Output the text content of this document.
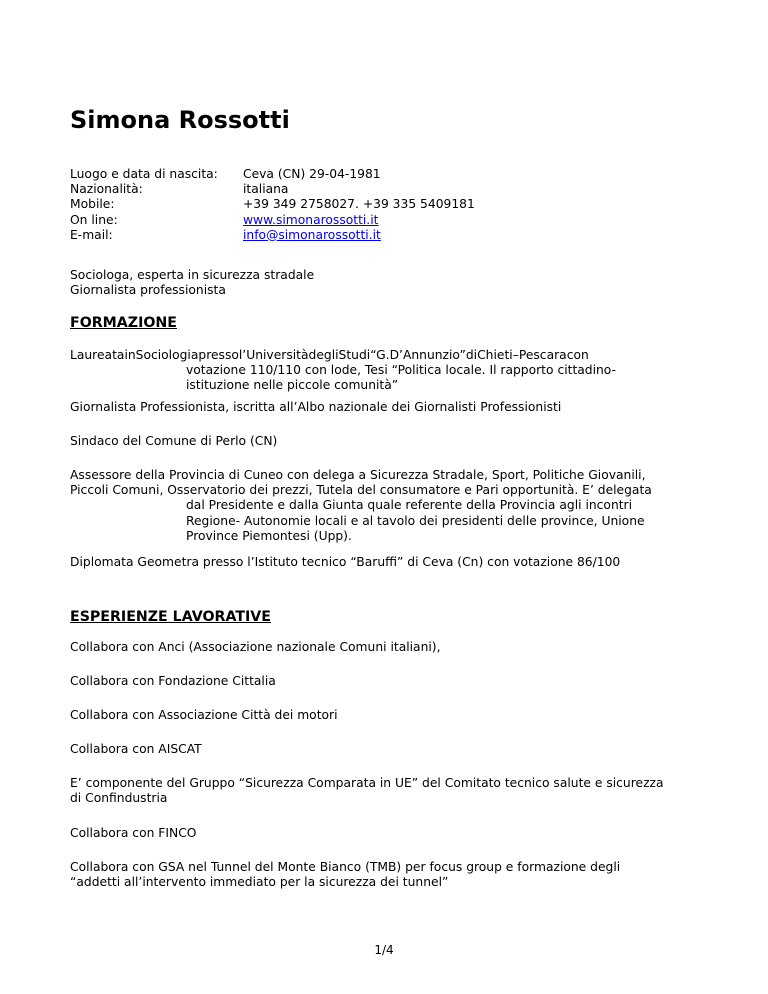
Simona Rossotti
Luogo e data di nascita: Ceva (CN) 29-04-1981
Nazionalità:	italiana
Mobile:	+39 349 2758027. +39 335 5409181
On line:	www.simonarossotti.it
E-mail:	info@simonarossotti.it
Sociologa, esperta in sicurezza stradale
Giornalista professionista
FORMAZIONE
LaureatainSociologiapressol’UniversitàdegliStudi“G.D’Annunzio”diChieti–Pescaracon
votazione 110/110 con lode, Tesi “Politica locale. Il rapporto cittadino-
istituzione nelle piccole comunità”
Giornalista Professionista, iscritta all’Albo nazionale dei Giornalisti Professionisti
Sindaco del Comune di Perlo (CN)
Assessore della Provincia di Cuneo con delega a Sicurezza Stradale, Sport, Politiche Giovanili,
Piccoli Comuni, Osservatorio dei prezzi, Tutela del consumatore e Pari opportunità. E’ delegata
dal Presidente e dalla Giunta quale referente della Provincia agli incontri
Regione- Autonomie locali e al tavolo dei presidenti delle province, Unione
Province Piemontesi (Upp).
Diplomata Geometra presso l’Istituto tecnico “Baruffi” di Ceva (Cn) con votazione 86/100
ESPERIENZE LAVORATIVE
Collabora con Anci (Associazione nazionale Comuni italiani),
Collabora con Fondazione Cittalia
Collabora con Associazione Città dei motori
Collabora con AISCAT
E’ componente del Gruppo “Sicurezza Comparata in UE” del Comitato tecnico salute e sicurezza
di Confindustria
Collabora con FINCO
Collabora con GSA nel Tunnel del Monte Bianco (TMB) per focus group e formazione degli
“addetti all’intervento immediato per la sicurezza dei tunnel”
1/4
